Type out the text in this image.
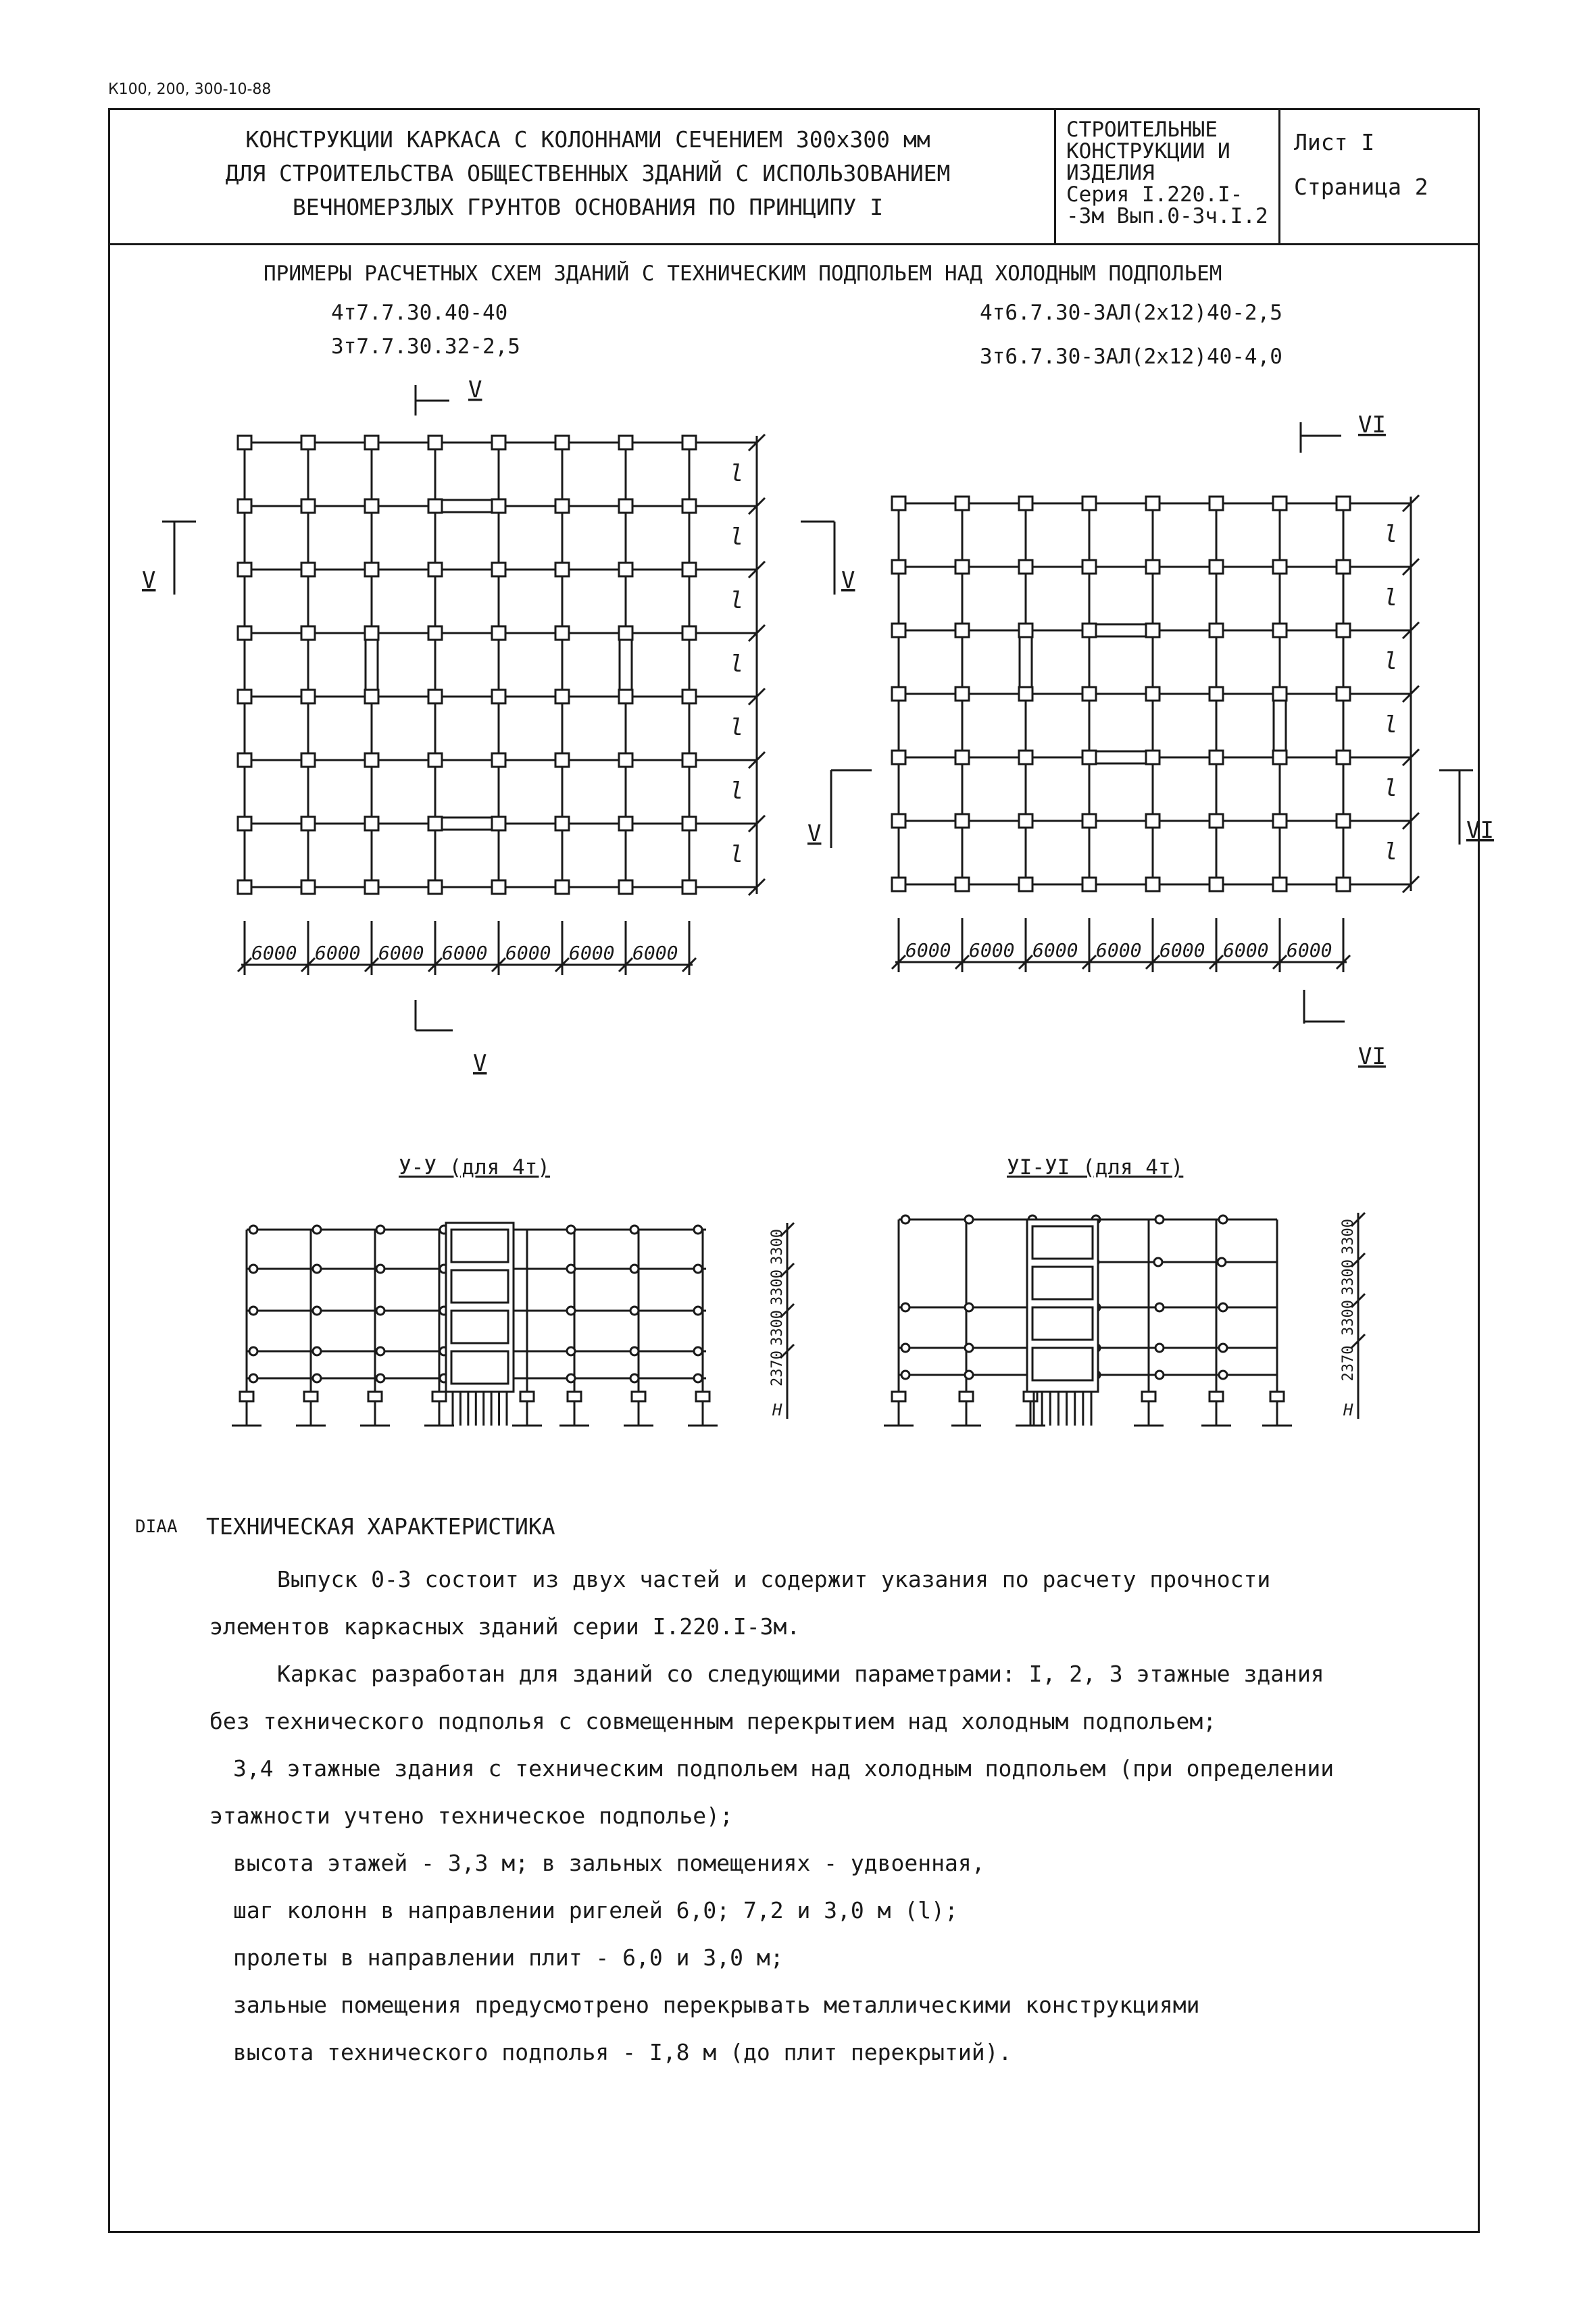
К100, 200, 300-10-88
КОНСТРУКЦИИ КАРКАСА С КОЛОННАМИ СЕЧЕНИЕМ 300х300 мм
ДЛЯ СТРОИТЕЛЬСТВА ОБЩЕСТВЕННЫХ ЗДАНИЙ С ИСПОЛЬЗОВАНИЕМ
ВЕЧНОМЕРЗЛЫХ ГРУНТОВ ОСНОВАНИЯ ПО ПРИНЦИПУ I
СТРОИТЕЛЬНЫЕ
КОНСТРУКЦИИ И
ИЗДЕЛИЯ
Серия I.220.I-
-3м Вып.0-3ч.I.2
Лист I
Страница 2
ПРИМЕРЫ РАСЧЕТНЫХ СХЕМ ЗДАНИЙ С ТЕХНИЧЕСКИМ ПОДПОЛЬЕМ НАД ХОЛОДНЫМ ПОДПОЛЬЕМ
4т7.7.30.40-40
3т7.7.30.32-2,5
4т6.7.30-3АЛ(2х12)40-2,5
3т6.7.30-3АЛ(2х12)40-4,0
l
l
l
l
l
l
l
6000 6000 6000 6000 6000 6000 6000
l
l
l
l
l
l
6000 6000 6000 6000 6000 6000 6000
3300
3300
3300
2370
H
3300
3300
3300
2370
H
V
V
V	V
V
VI
VI
VI
У-У (для 4т)	УI-УI (для 4т)
DIAA ТЕХНИЧЕСКАЯ ХАРАКТЕРИСТИКА
Выпуск 0-3 состоит из двух частей и содержит указания по расчету прочности
элементов каркасных зданий серии I.220.I-3м.
Каркас разработан для зданий со следующими параметрами: I, 2, 3 этажные здания
без технического подполья с совмещенным перекрытием над холодным подпольем;
3,4 этажные здания с техническим подпольем над холодным подпольем (при определении
этажности учтено техническое подполье);
высота этажей - 3,3 м; в зальных помещениях - удвоенная,
шаг колонн в направлении ригелей 6,0; 7,2 и 3,0 м (l);
пролеты в направлении плит - 6,0 и 3,0 м;
зальные помещения предусмотрено перекрывать металлическими конструкциями
высота технического подполья - I,8 м (до плит перекрытий).
